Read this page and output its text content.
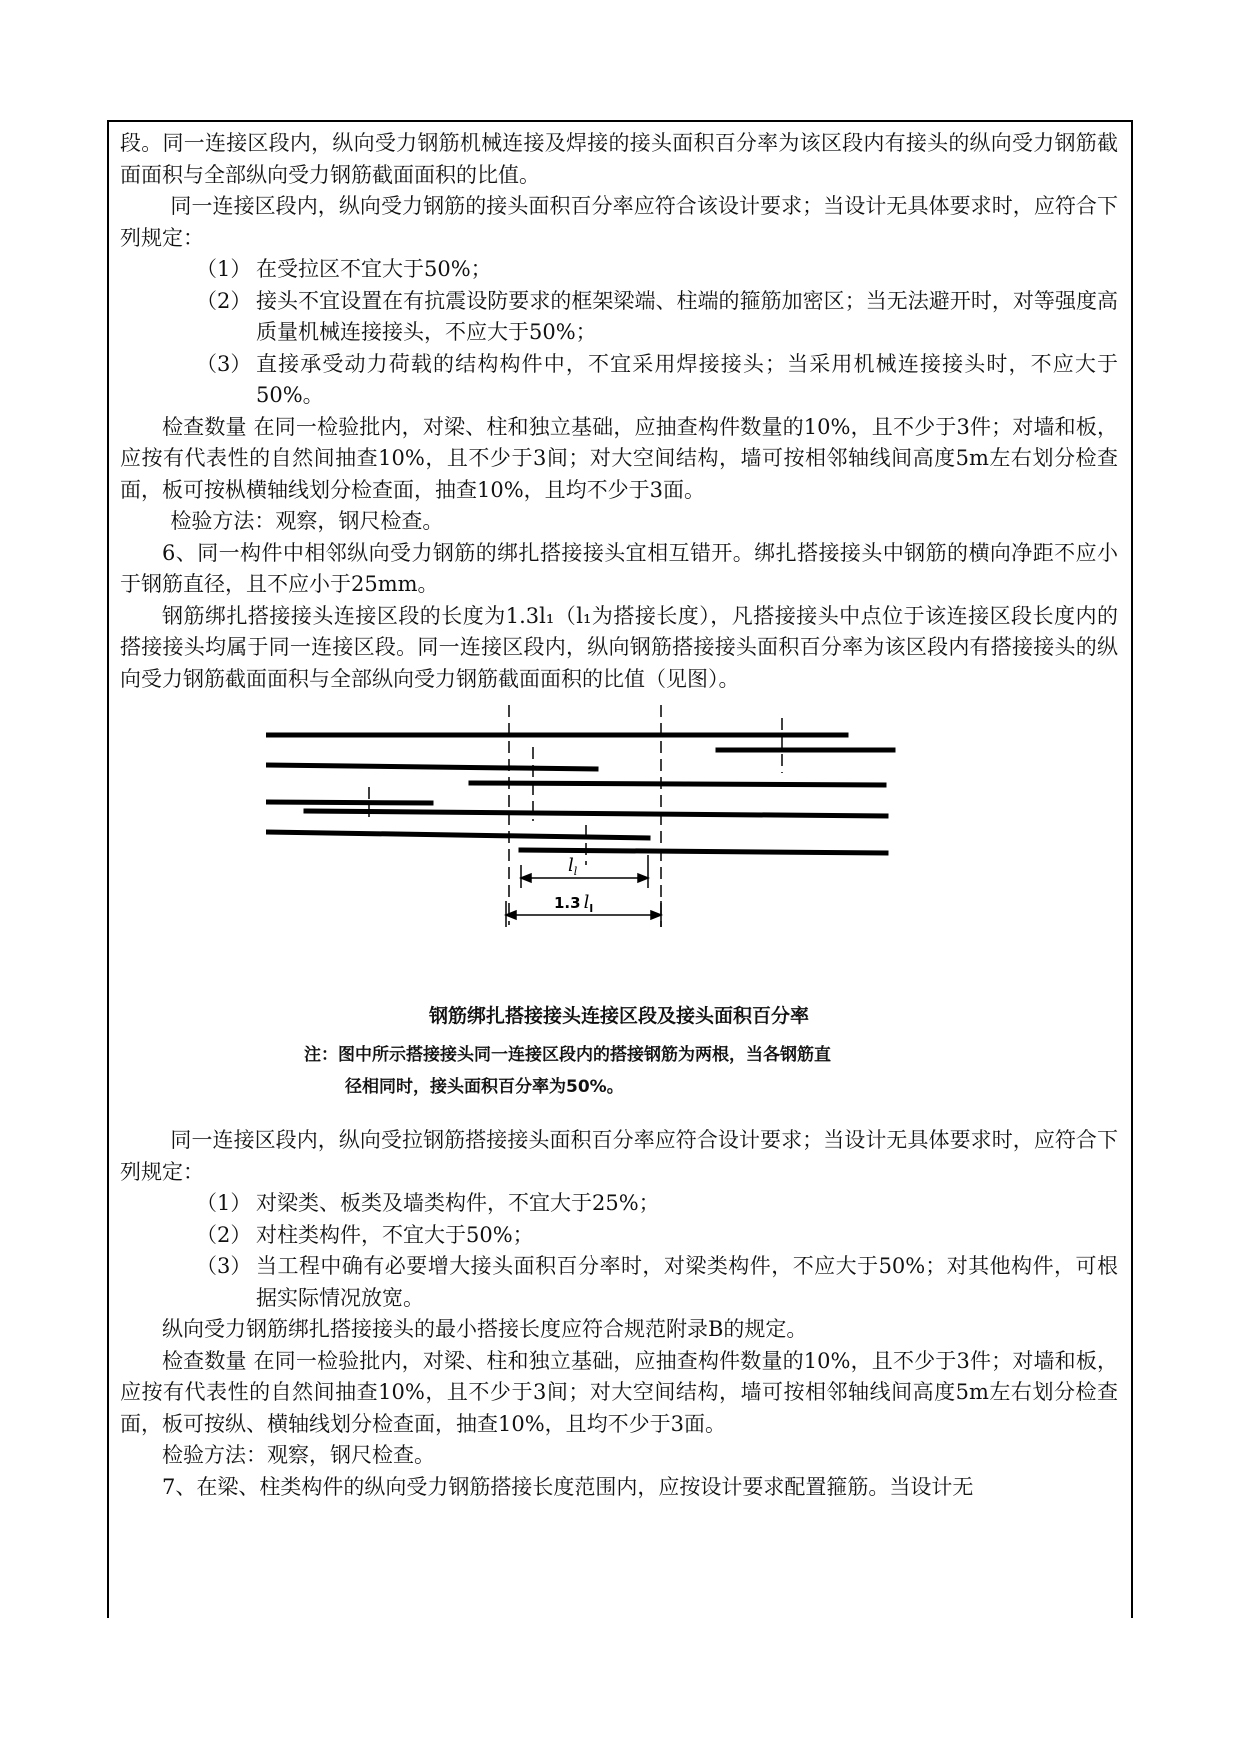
段。同一连接区段内，纵向受力钢筋机械连接及焊接的接头面积百分率为该区段内有接头的纵向受力钢筋截面面积与全部纵向受力钢筋截面面积的比值。

同一连接区段内，纵向受力钢筋的接头面积百分率应符合该设计要求；当设计无具体要求时，应符合下列规定：

（1） 在受拉区不宜大于50%；
（2） 接头不宜设置在有抗震设防要求的框架梁端、柱端的箍筋加密区；当无法避开时，对等强度高质量机械连接接头，不应大于50%；
（3） 直接承受动力荷载的结构构件中，不宜采用焊接接头；当采用机械连接接头时，不应大于50%。

检查数量 在同一检验批内，对梁、柱和独立基础，应抽查构件数量的10%，且不少于3件；对墙和板，应按有代表性的自然间抽查10%，且不少于3间；对大空间结构，墙可按相邻轴线间高度5m左右划分检查面，板可按枞横轴线划分检查面，抽查10%，且均不少于3面。

检验方法：观察，钢尺检查。

6、同一构件中相邻纵向受力钢筋的绑扎搭接接头宜相互错开。绑扎搭接接头中钢筋的横向净距不应小于钢筋直径，且不应小于25mm。

钢筋绑扎搭接接头连接区段的长度为1.3l₁（l₁为搭接长度），凡搭接接头中点位于该连接区段长度内的搭接接头均属于同一连接区段。同一连接区段内，纵向钢筋搭接接头面积百分率为该区段内有搭接接头的纵向受力钢筋截面面积与全部纵向受力钢筋截面面积的比值（见图）。

$l_l$
1.3 $l_l$
钢筋绑扎搭接接头连接区段及接头面积百分率
注：图中所示搭接接头同一连接区段内的搭接钢筋为两根，当各钢筋直
径相同时，接头面积百分率为50%。

同一连接区段内，纵向受拉钢筋搭接接头面积百分率应符合设计要求；当设计无具体要求时，应符合下列规定：

（1） 对梁类、板类及墙类构件，不宜大于25%；
（2） 对柱类构件，不宜大于50%；
（3） 当工程中确有必要增大接头面积百分率时，对梁类构件，不应大于50%；对其他构件，可根据实际情况放宽。

纵向受力钢筋绑扎搭接接头的最小搭接长度应符合规范附录B的规定。

检查数量 在同一检验批内，对梁、柱和独立基础，应抽查构件数量的10%，且不少于3件；对墙和板，应按有代表性的自然间抽查10%，且不少于3间；对大空间结构，墙可按相邻轴线间高度5m左右划分检查面，板可按纵、横轴线划分检查面，抽查10%，且均不少于3面。

检验方法：观察，钢尺检查。

7、在梁、柱类构件的纵向受力钢筋搭接长度范围内，应按设计要求配置箍筋。当设计无
